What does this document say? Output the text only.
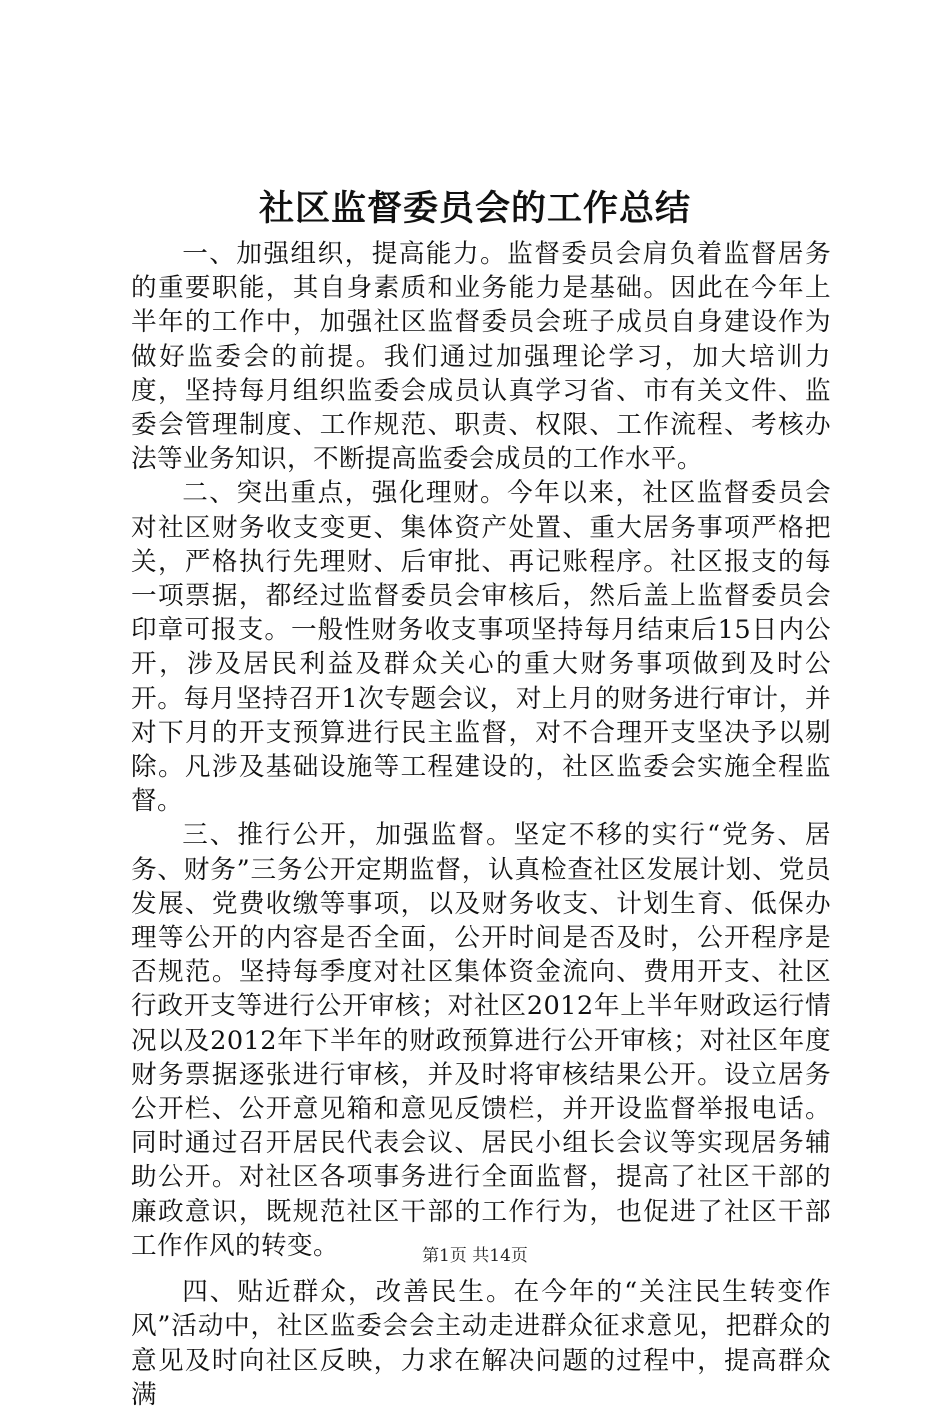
社区监督委员会的工作总结

一、加强组织，提高能力。监督委员会肩负着监督居务的重要职能，其自身素质和业务能力是基础。因此在今年上半年的工作中，加强社区监督委员会班子成员自身建设作为做好监委会的前提。我们通过加强理论学习，加大培训力度，坚持每月组织监委会成员认真学习省、市有关文件、监委会管理制度、工作规范、职责、权限、工作流程、考核办法等业务知识，不断提高监委会成员的工作水平。

二、突出重点，强化理财。今年以来，社区监督委员会对社区财务收支变更、集体资产处置、重大居务事项严格把关，严格执行先理财、后审批、再记账程序。社区报支的每一项票据，都经过监督委员会审核后，然后盖上监督委员会印章可报支。一般性财务收支事项坚持每月结束后15日内公开，涉及居民利益及群众关心的重大财务事项做到及时公开。每月坚持召开1次专题会议，对上月的财务进行审计，并对下月的开支预算进行民主监督，对不合理开支坚决予以剔除。凡涉及基础设施等工程建设的，社区监委会实施全程监督。

三、推行公开，加强监督。坚定不移的实行“党务、居务、财务”三务公开定期监督，认真检查社区发展计划、党员发展、党费收缴等事项，以及财务收支、计划生育、低保办理等公开的内容是否全面，公开时间是否及时，公开程序是否规范。坚持每季度对社区集体资金流向、费用开支、社区行政开支等进行公开审核；对社区2012年上半年财政运行情况以及2012年下半年的财政预算进行公开审核；对社区年度财务票据逐张进行审核，并及时将审核结果公开。设立居务公开栏、公开意见箱和意见反馈栏，并开设监督举报电话。同时通过召开居民代表会议、居民小组长会议等实现居务辅助公开。对社区各项事务进行全面监督，提高了社区干部的廉政意识，既规范社区干部的工作行为，也促进了社区干部工作作风的转变。

四、贴近群众，改善民生。在今年的“关注民生转变作风”活动中，社区监委会会主动走进群众征求意见，把群众的意见及时向社区反映，力求在解决问题的过程中，提高群众满

第1页 共14页
